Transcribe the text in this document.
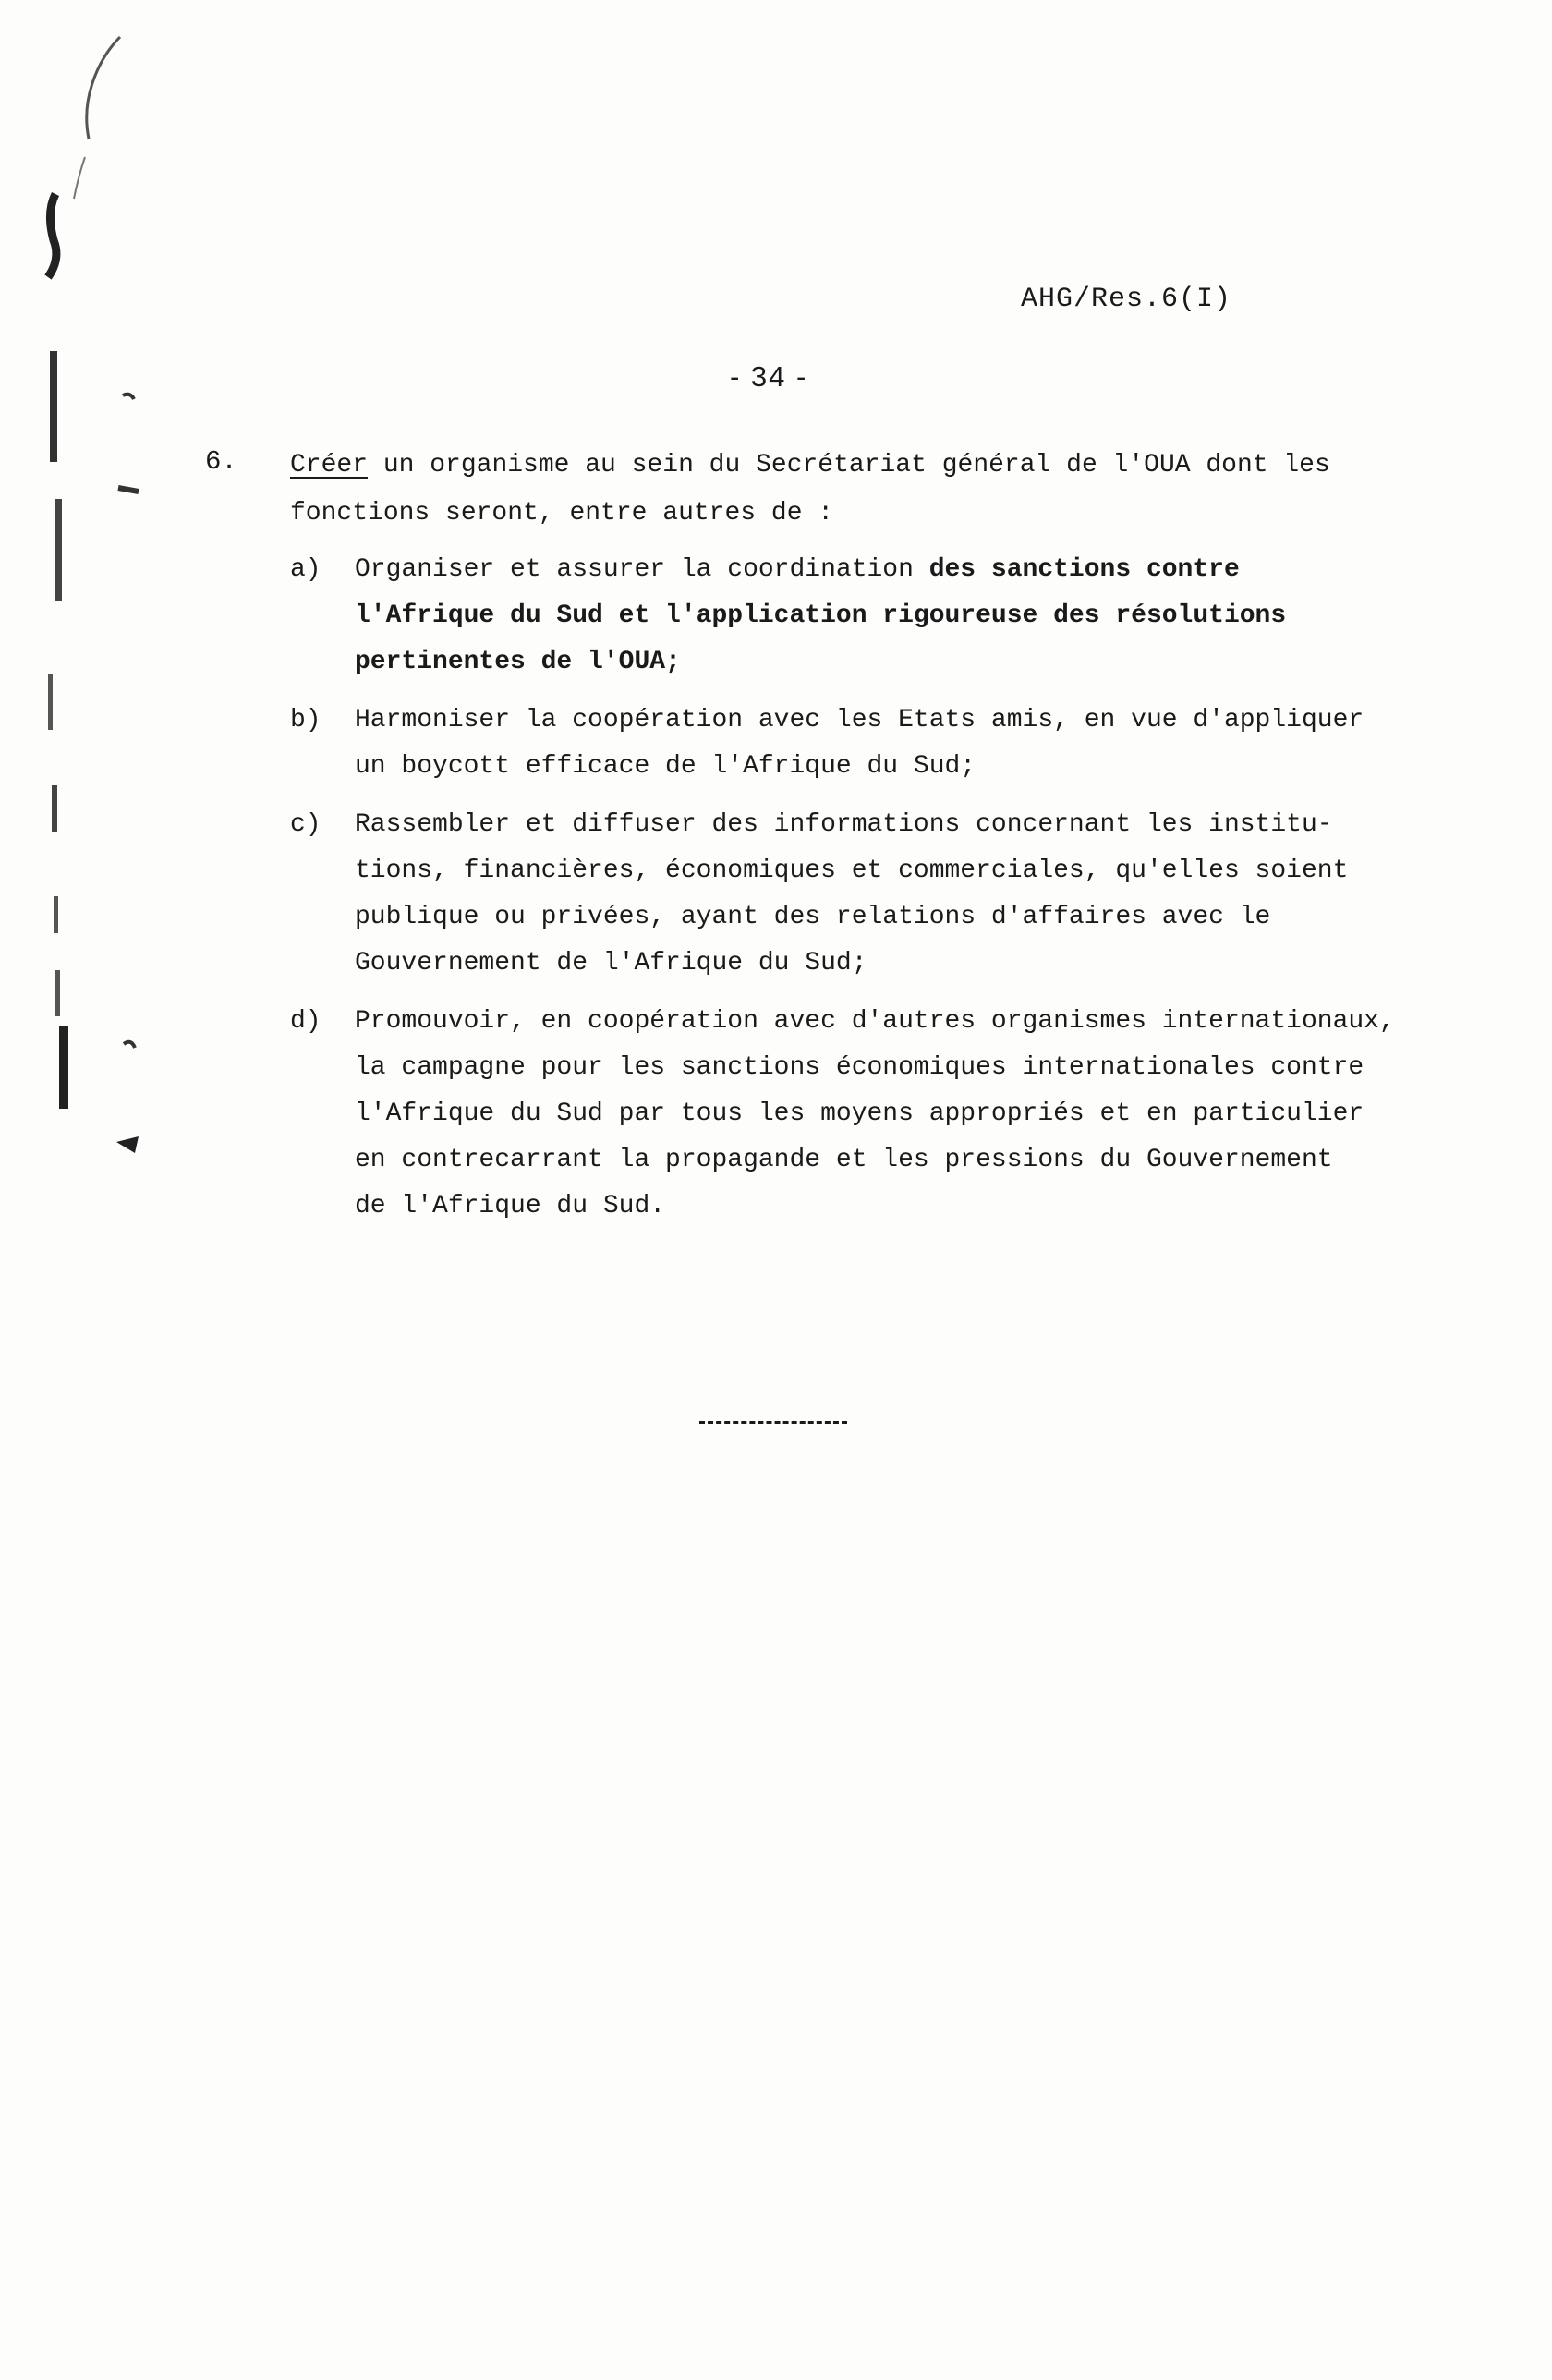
AHG/Res.6(I)
- 34 -
6. Créer un organisme au sein du Secrétariat général de l'OUA dont les fonctions seront, entre autres de :
a) Organiser et assurer la coordination des sanctions contre
l'Afrique du Sud et l'application rigoureuse des résolutions
pertinentes de l'OUA;
b) Harmoniser la coopération avec les Etats amis, en vue d'appliquer
un boycott efficace de l'Afrique du Sud;
c) Rassembler et diffuser des informations concernant les institu-
tions, financières, économiques et commerciales, qu'elles soient
publique ou privées, ayant des relations d'affaires avec le
Gouvernement de l'Afrique du Sud;
d) Promouvoir, en coopération avec d'autres organismes internationaux,
la campagne pour les sanctions économiques internationales contre
l'Afrique du Sud par tous les moyens appropriés et en particulier
en contrecarrant la propagande et les pressions du Gouvernement
de l'Afrique du Sud.
